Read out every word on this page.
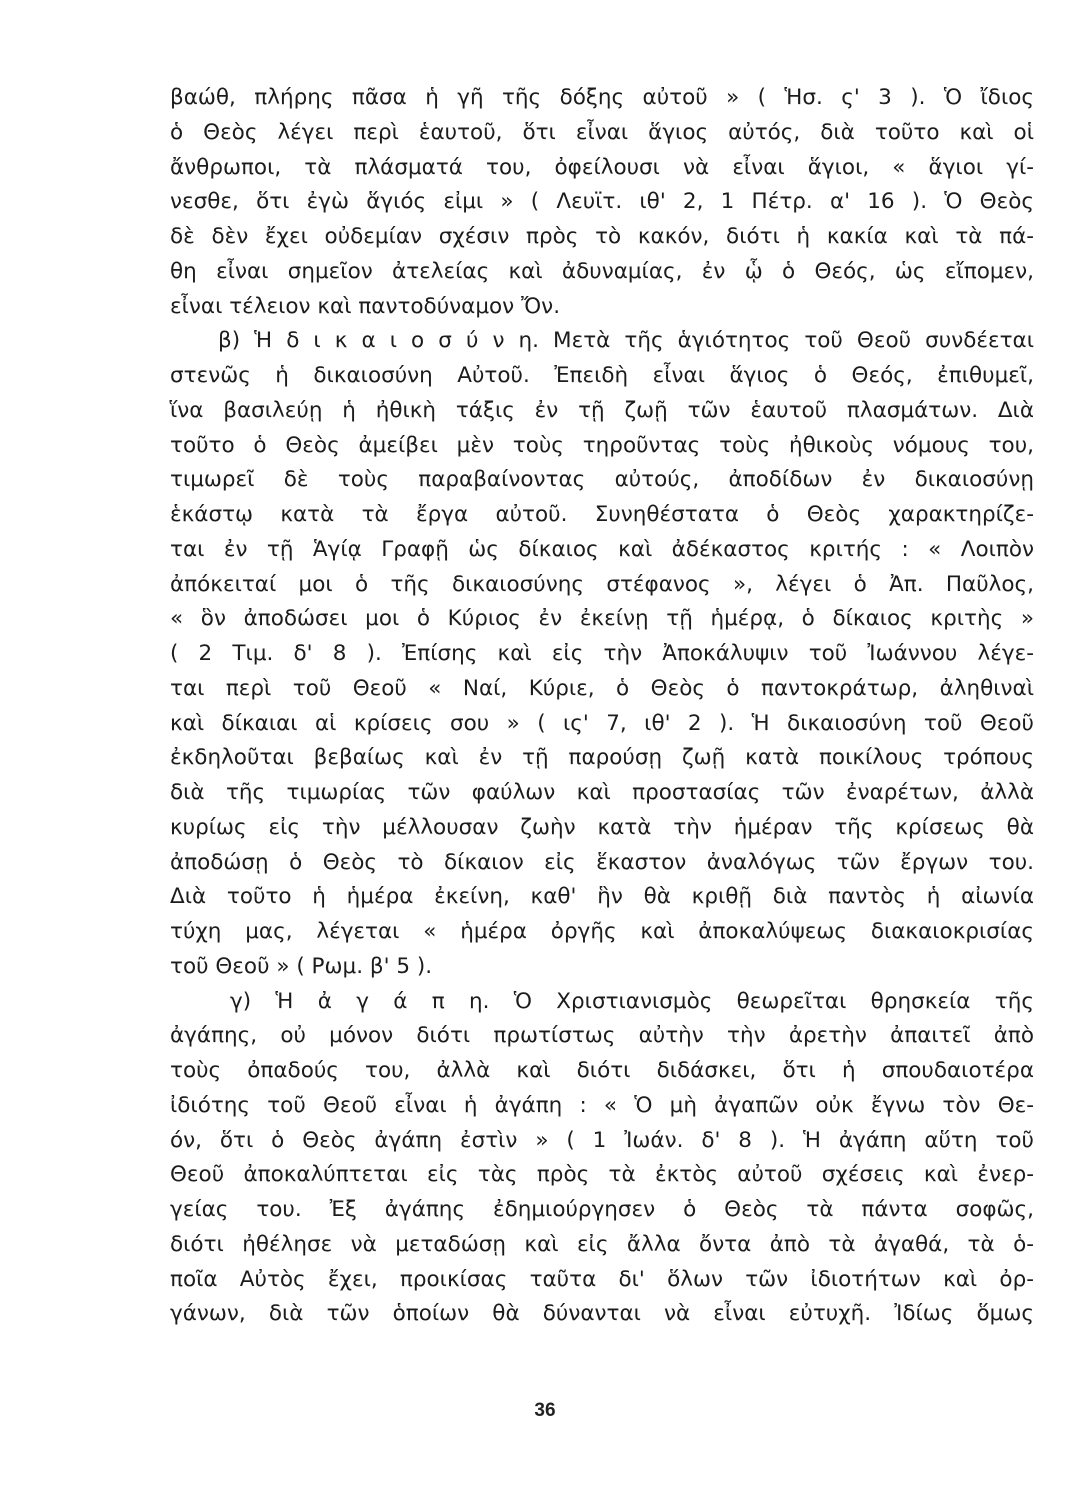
βαώθ, πλήρης πᾶσα ἡ γῆ τῆς δόξης αὐτοῦ » ( Ἡσ. ς' 3 ). Ὁ ἴδιος
ὁ Θεὸς λέγει περὶ ἑαυτοῦ, ὅτι εἶναι ἅγιος αὐτός, διὰ τοῦτο καὶ οἱ
ἄνθρωποι, τὰ πλάσματά του, ὀφείλουσι νὰ εἶναι ἅγιοι, « ἅγιοι γί-
νεσθε, ὅτι ἐγὼ ἅγιός εἰμι » ( Λευϊτ. ιθ' 2, 1 Πέτρ. α' 16 ). Ὁ Θεὸς
δὲ δὲν ἔχει οὐδεμίαν σχέσιν πρὸς τὸ κακόν, διότι ἡ κακία καὶ τὰ πά-
θη εἶναι σημεῖον ἀτελείας καὶ ἀδυναμίας, ἐν ᾧ ὁ Θεός, ὡς εἴπομεν,
εἶναι τέλειον καὶ παντοδύναμον Ὄν.
β) Ἡ δ ι κ α ι ο σ ύ ν η. Μετὰ τῆς ἁγιότητος τοῦ Θεοῦ συνδέεται
στενῶς ἡ δικαιοσύνη Αὐτοῦ. Ἐπειδὴ εἶναι ἅγιος ὁ Θεός, ἐπιθυμεῖ,
ἵνα βασιλεύῃ ἡ ἠθικὴ τάξις ἐν τῇ ζωῇ τῶν ἑαυτοῦ πλασμάτων. Διὰ
τοῦτο ὁ Θεὸς ἀμείβει μὲν τοὺς τηροῦντας τοὺς ἠθικοὺς νόμους του,
τιμωρεῖ δὲ τοὺς παραβαίνοντας αὐτούς, ἀποδίδων ἐν δικαιοσύνῃ
ἑκάστῳ κατὰ τὰ ἔργα αὐτοῦ. Συνηθέστατα ὁ Θεὸς χαρακτηρίζε-
ται ἐν τῇ Ἁγίᾳ Γραφῇ ὡς δίκαιος καὶ ἀδέκαστος κριτής : « Λοιπὸν
ἀπόκειταί μοι ὁ τῆς δικαιοσύνης στέφανος », λέγει ὁ Ἀπ. Παῦλος,
« ὃν ἀποδώσει μοι ὁ Κύριος ἐν ἐκείνῃ τῇ ἡμέρᾳ, ὁ δίκαιος κριτὴς »
( 2 Τιμ. δ' 8 ). Ἐπίσης καὶ εἰς τὴν Ἀποκάλυψιν τοῦ Ἰωάννου λέγε-
ται περὶ τοῦ Θεοῦ « Ναί, Κύριε, ὁ Θεὸς ὁ παντοκράτωρ, ἀληθιναὶ
καὶ δίκαιαι αἱ κρίσεις σου » ( ις' 7, ιθ' 2 ). Ἡ δικαιοσύνη τοῦ Θεοῦ
ἐκδηλοῦται βεβαίως καὶ ἐν τῇ παρούσῃ ζωῇ κατὰ ποικίλους τρόπους
διὰ τῆς τιμωρίας τῶν φαύλων καὶ προστασίας τῶν ἐναρέτων, ἀλλὰ
κυρίως εἰς τὴν μέλλουσαν ζωὴν κατὰ τὴν ἡμέραν τῆς κρίσεως θὰ
ἀποδώσῃ ὁ Θεὸς τὸ δίκαιον εἰς ἕκαστον ἀναλόγως τῶν ἔργων του.
Διὰ τοῦτο ἡ ἡμέρα ἐκείνη, καθ' ἣν θὰ κριθῇ διὰ παντὸς ἡ αἰωνία
τύχη μας, λέγεται « ἡμέρα ὀργῆς καὶ ἀποκαλύψεως διακαιοκρισίας
τοῦ Θεοῦ » ( Ρωμ. β' 5 ).
γ) Ἡ ἀ γ ά π η. Ὁ Χριστιανισμὸς θεωρεῖται θρησκεία τῆς
ἀγάπης, οὐ μόνον διότι πρωτίστως αὐτὴν τὴν ἀρετὴν ἀπαιτεῖ ἀπὸ
τοὺς ὀπαδούς του, ἀλλὰ καὶ διότι διδάσκει, ὅτι ἡ σπουδαιοτέρα
ἰδιότης τοῦ Θεοῦ εἶναι ἡ ἀγάπη : « Ὁ μὴ ἀγαπῶν οὐκ ἔγνω τὸν Θε-
όν, ὅτι ὁ Θεὸς ἀγάπη ἐστὶν » ( 1 Ἰωάν. δ' 8 ). Ἡ ἀγάπη αὕτη τοῦ
Θεοῦ ἀποκαλύπτεται εἰς τὰς πρὸς τὰ ἐκτὸς αὐτοῦ σχέσεις καὶ ἐνερ-
γείας του. Ἐξ ἀγάπης ἐδημιούργησεν ὁ Θεὸς τὰ πάντα σοφῶς,
διότι ἠθέλησε νὰ μεταδώσῃ καὶ εἰς ἄλλα ὄντα ἀπὸ τὰ ἀγαθά, τὰ ὁ-
ποῖα Αὐτὸς ἔχει, προικίσας ταῦτα δι' ὅλων τῶν ἰδιοτήτων καὶ ὀρ-
γάνων, διὰ τῶν ὁποίων θὰ δύνανται νὰ εἶναι εὐτυχῆ. Ἰδίως ὅμως
36
